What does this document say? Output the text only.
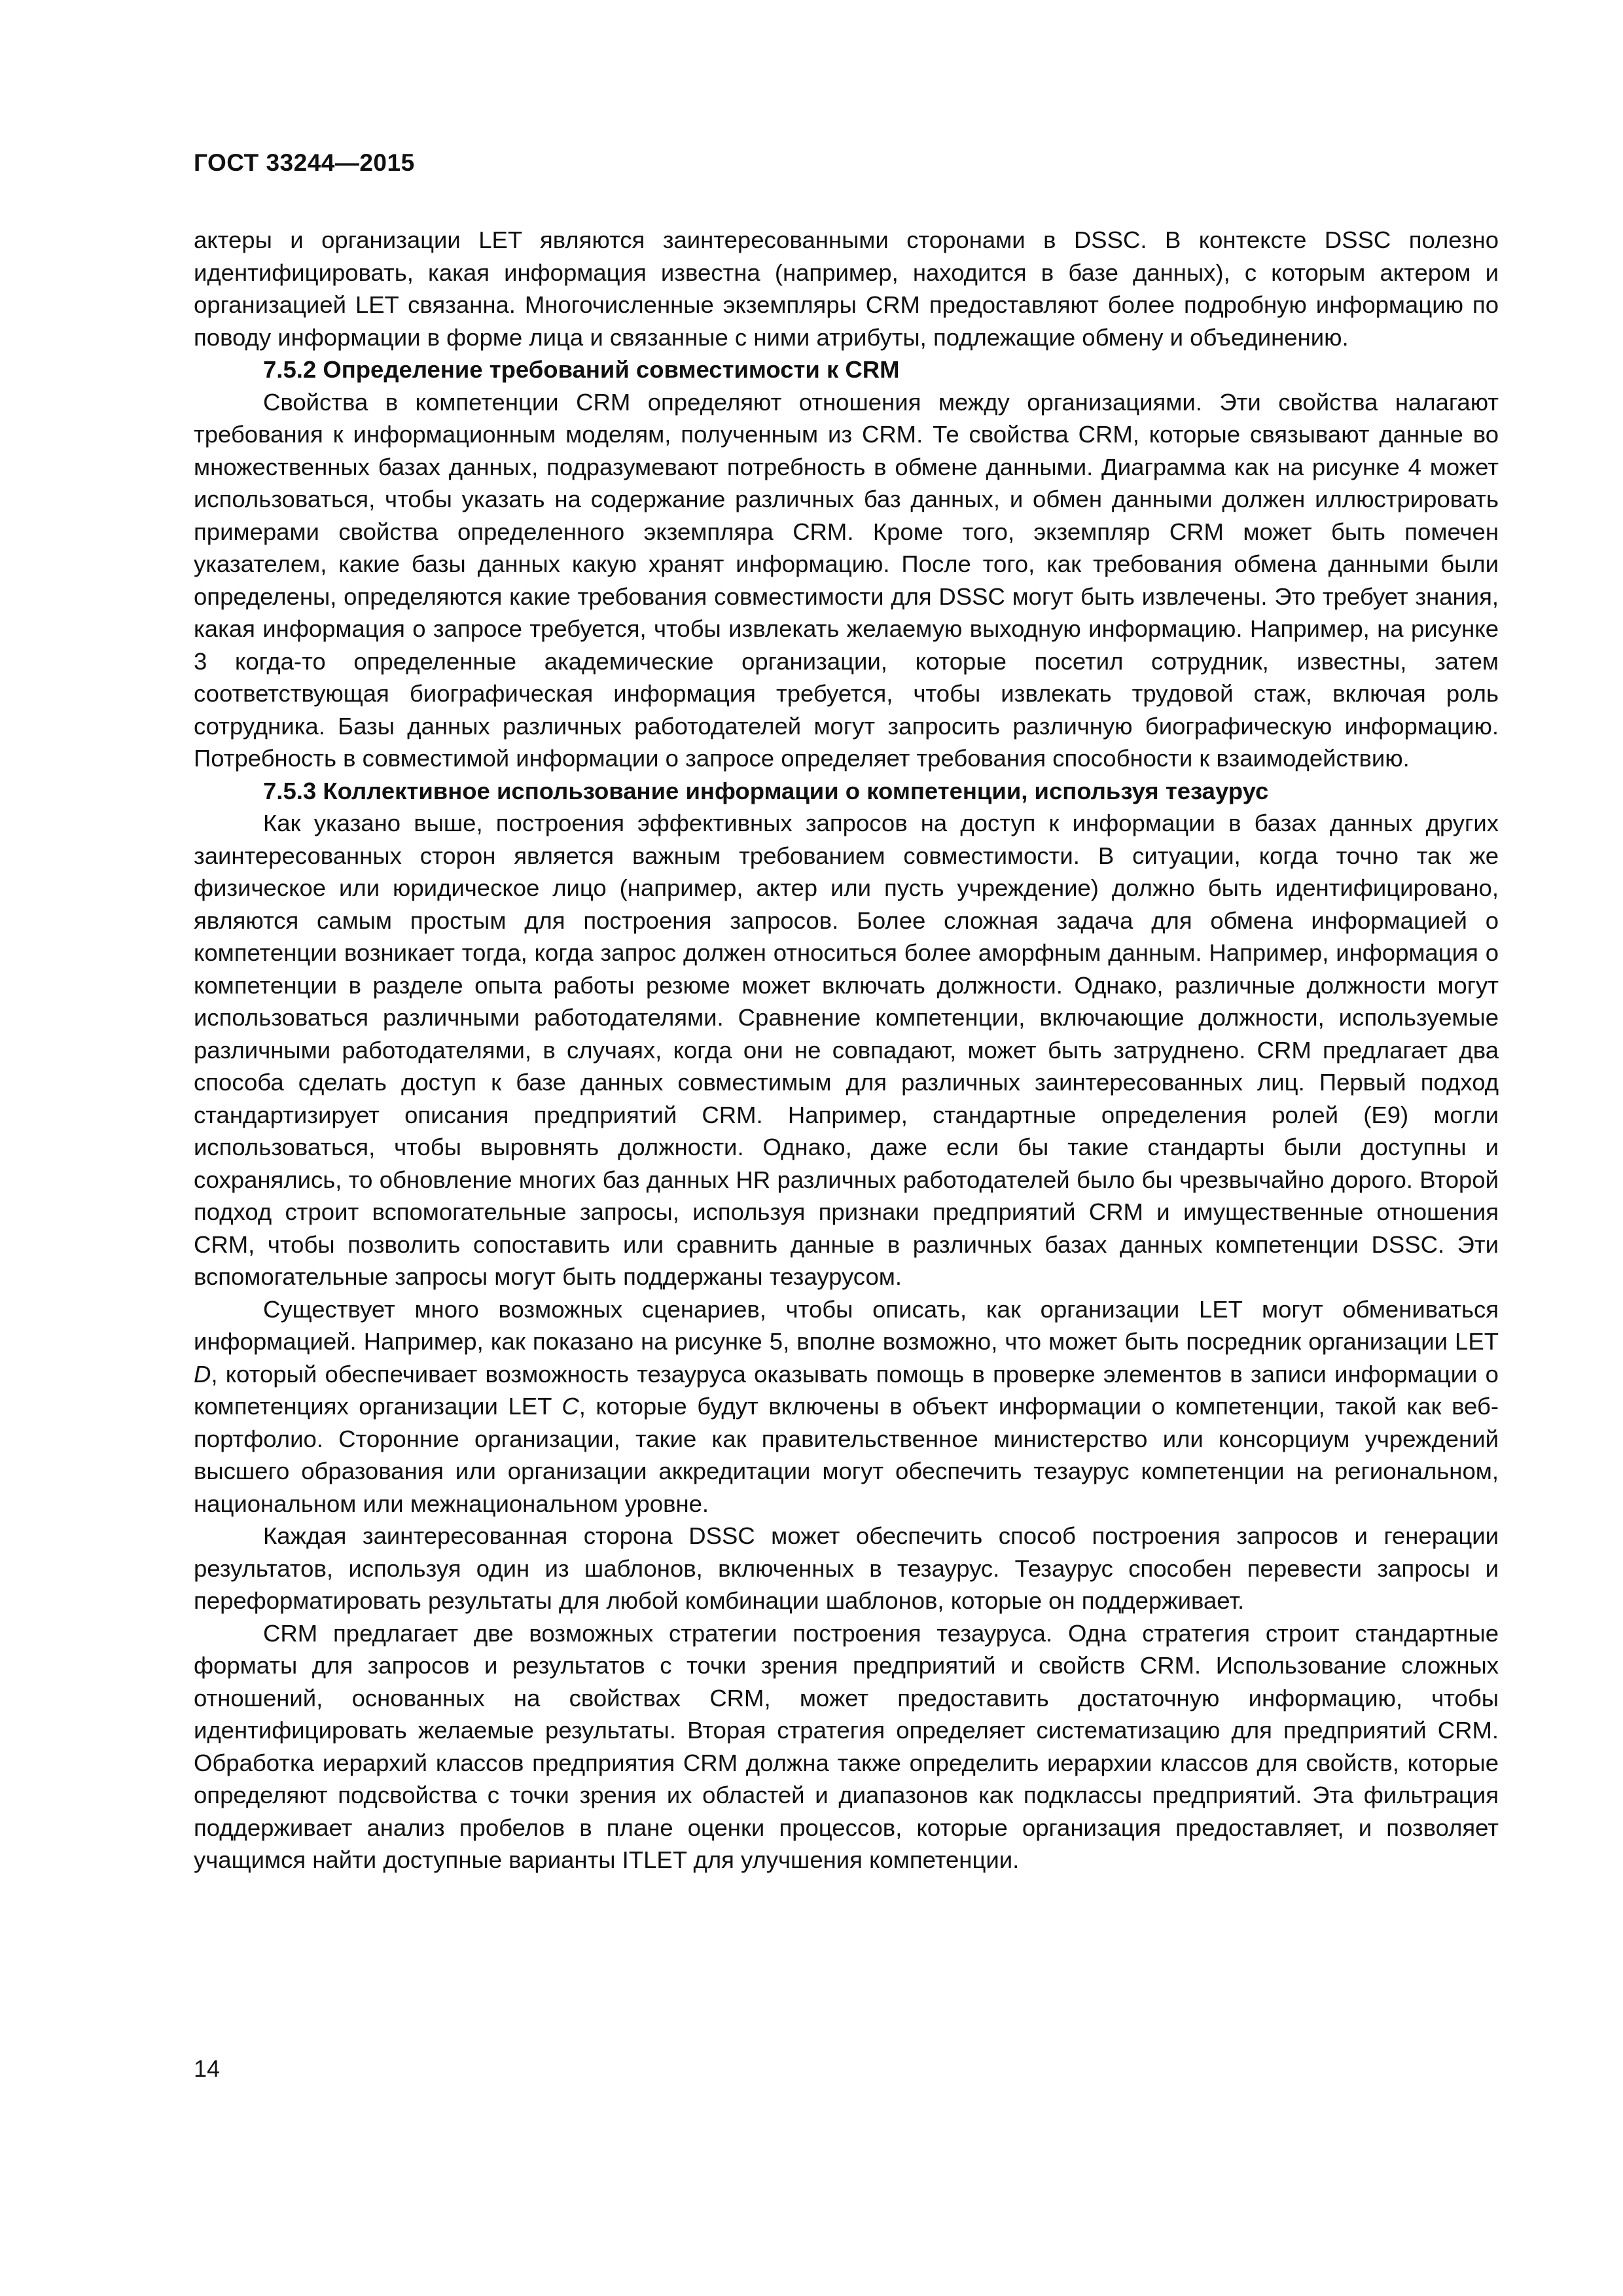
ГОСТ 33244—2015

актеры и организации LET являются заинтересованными сторонами в DSSC. В контексте DSSC полезно идентифицировать, какая информация известна (например, находится в базе данных), с которым актером и организацией LET связанна. Многочисленные экземпляры CRM предоставляют более подробную информацию по поводу информации в форме лица и связанные с ними атрибуты, подлежащие обмену и объединению.

7.5.2 Определение требований совместимости к CRM

Свойства в компетенции CRM определяют отношения между организациями. Эти свойства налагают требования к информационным моделям, полученным из CRM. Те свойства CRM, которые связывают данные во множественных базах данных, подразумевают потребность в обмене данными. Диаграмма как на рисунке 4 может использоваться, чтобы указать на содержание различных баз данных, и обмен данными должен иллюстрировать примерами свойства определенного экземпляра CRM. Кроме того, экземпляр CRM может быть помечен указателем, какие базы данных какую хранят информацию. После того, как требования обмена данными были определены, определяются какие требования совместимости для DSSC могут быть извлечены. Это требует знания, какая информация о запросе требуется, чтобы извлекать желаемую выходную информацию. Например, на рисунке 3 когда-то определенные академические организации, которые посетил сотрудник, известны, затем соответствующая биографическая информация требуется, чтобы извлекать трудовой стаж, включая роль сотрудника. Базы данных различных работодателей могут запросить различную биографическую информацию. Потребность в совместимой информации о запросе определяет требования способности к взаимодействию.

7.5.3 Коллективное использование информации о компетенции, используя тезаурус

Как указано выше, построения эффективных запросов на доступ к информации в базах данных других заинтересованных сторон является важным требованием совместимости. В ситуации, когда точно так же физическое или юридическое лицо (например, актер или пусть учреждение) должно быть идентифицировано, являются самым простым для построения запросов. Более сложная задача для обмена информацией о компетенции возникает тогда, когда запрос должен относиться более аморфным данным. Например, информация о компетенции в разделе опыта работы резюме может включать должности. Однако, различные должности могут использоваться различными работодателями. Сравнение компетенции, включающие должности, используемые различными работодателями, в случаях, когда они не совпадают, может быть затруднено. CRM предлагает два способа сделать доступ к базе данных совместимым для различных заинтересованных лиц. Первый подход стандартизирует описания предприятий CRM. Например, стандартные определения ролей (E9) могли использоваться, чтобы выровнять должности. Однако, даже если бы такие стандарты были доступны и сохранялись, то обновление многих баз данных HR различных работодателей было бы чрезвычайно дорого. Второй подход строит вспомогательные запросы, используя признаки предприятий CRM и имущественные отношения CRM, чтобы позволить сопоставить или сравнить данные в различных базах данных компетенции DSSC. Эти вспомогательные запросы могут быть поддержаны тезаурусом.

Существует много возможных сценариев, чтобы описать, как организации LET могут обмениваться информацией. Например, как показано на рисунке 5, вполне возможно, что может быть посредник организации LET D, который обеспечивает возможность тезауруса оказывать помощь в проверке элементов в записи информации о компетенциях организации LET C, которые будут включены в объект информации о компетенции, такой как веб-портфолио. Сторонние организации, такие как правительственное министерство или консорциум учреждений высшего образования или организации аккредитации могут обеспечить тезаурус компетенции на региональном, национальном или межнациональном уровне.

Каждая заинтересованная сторона DSSC может обеспечить способ построения запросов и генерации результатов, используя один из шаблонов, включенных в тезаурус. Тезаурус способен перевести запросы и переформатировать результаты для любой комбинации шаблонов, которые он поддерживает.

CRM предлагает две возможных стратегии построения тезауруса. Одна стратегия строит стандартные форматы для запросов и результатов с точки зрения предприятий и свойств CRM. Использование сложных отношений, основанных на свойствах CRM, может предоставить достаточную информацию, чтобы идентифицировать желаемые результаты. Вторая стратегия определяет систематизацию для предприятий CRM. Обработка иерархий классов предприятия CRM должна также определить иерархии классов для свойств, которые определяют подсвойства с точки зрения их областей и диапазонов как подклассы предприятий. Эта фильтрация поддерживает анализ пробелов в плане оценки процессов, которые организация предоставляет, и позволяет учащимся найти доступные варианты ITLET для улучшения компетенции.

14
